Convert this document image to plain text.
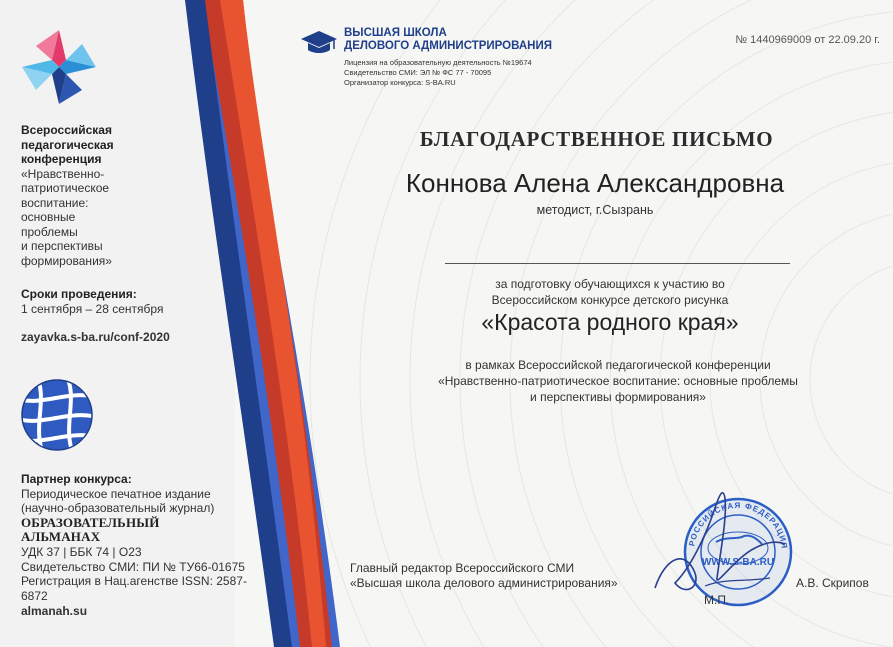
Всероссийская
педагогическая
конференция
«Нравственно-
патриотическое
воспитание:
основные
проблемы
и перспективы
формирования»
Сроки проведения:
1 сентября – 28 сентября
zayavka.s-ba.ru/conf-2020
Партнер конкурса:
Периодическое печатное издание
(научно-образовательный журнал)
ОБРАЗОВАТЕЛЬНЫЙ АЛЬМАНАХ
УДК 37 | ББК 74 | О23
Свидетельство СМИ: ПИ № ТУ66-01675
Регистрация в Нац.агенстве ISSN: 2587-6872
almanah.su
ВЫСШАЯ ШКОЛА
ДЕЛОВОГО АДМИНИСТРИРОВАНИЯ
Лицензия на образовательную деятельность №19674
Свидетельство СМИ: ЭЛ № ФС 77 - 70095
Организатор конкурса: S-BA.RU
№ 1440969009 от 22.09.20 г.
БЛАГОДАРСТВЕННОЕ ПИСЬМО
Коннова Алена Александровна
методист, г.Сызрань
за подготовку обучающихся к участию во
Всероссийском конкурсе детского рисунка
«Красота родного края»
в рамках Всероссийской педагогической конференции
«Нравственно-патриотическое воспитание: основные проблемы
и перспективы формирования»
Главный редактор Всероссийского СМИ
«Высшая школа делового администрирования»
РОССИЙСКАЯ ФЕДЕРАЦИЯ
WWW.S-BA.RU
М.П.
А.В. Скрипов
